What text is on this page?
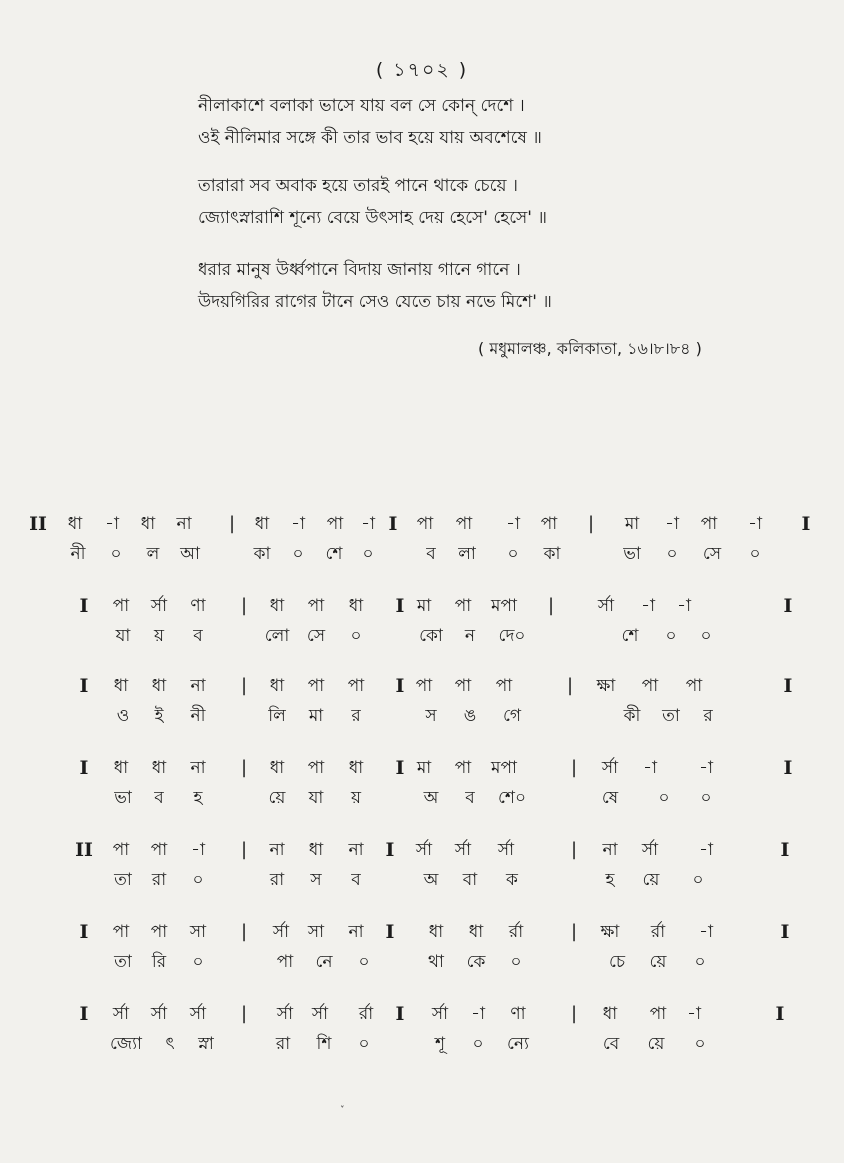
( ১৭০২ )
নীলাকাশে বলাকা ভাসে যায় বল সে কোন্ দেশে ।
ওই নীলিমার সঙ্গে কী তার ভাব হয়ে যায় অবশেষে ॥
তারারা সব অবাক হয়ে তারই পানে থাকে চেয়ে ।
জ্যোৎস্নারাশি শূন্যে বেয়ে উৎসাহ দেয় হেসে' হেসে' ॥
ধরার মানুষ উর্ধ্বপানে বিদায় জানায় গানে গানে ।
উদয়গিরির রাগের টানে সেও যেতে চায় নভে মিশে' ॥
( মধুমালঞ্চ, কলিকাতা, ১৬।৮।৮৪ )
II ধা -া ধা না | ধা -া পা -া I পা পা -া পা | মা -া পা -া I
নী ০ ল আ	কা ০ শে ০	ব লা ০ কা	ভা ০ সে ০
I পা র্সা ণা | ধা পা ধা I মা পা মপা |	র্সা -া -া	I
যা য় ব	লো সে ০	কো ন দে০	শে ০ ০
I ধা ধা না | ধা পা পা I পা পা পা	| ক্ষা পা পা	I
ও ই নী	লি মা র	স ঙ গে	কী তা র
I ধা ধা না | ধা পা ধা I মা পা মপা	| র্সা -া -া	I
ভা ব হ	য়ে যা য়	অ ব শে০	ষে ০ ০
II পা পা -া | না ধা না I র্সা র্সা র্সা	| না র্সা -া	I
তা রা ০	রা স ব	অ বা ক	হ য়ে ০
I পা পা সা | র্সা সা না I ধা ধা র্রা	| ক্ষা র্রা -া	I
তা রি ০	পা নে ০	থা কে ০	চে য়ে ০
I র্সা র্সা র্সা | র্সা র্সা র্রা I র্সা -া ণা	| ধা পা -া	I
জ্যো ৎ স্না	রা শি ০	শূ ০ ন্যে	বে য়ে ০
˯
